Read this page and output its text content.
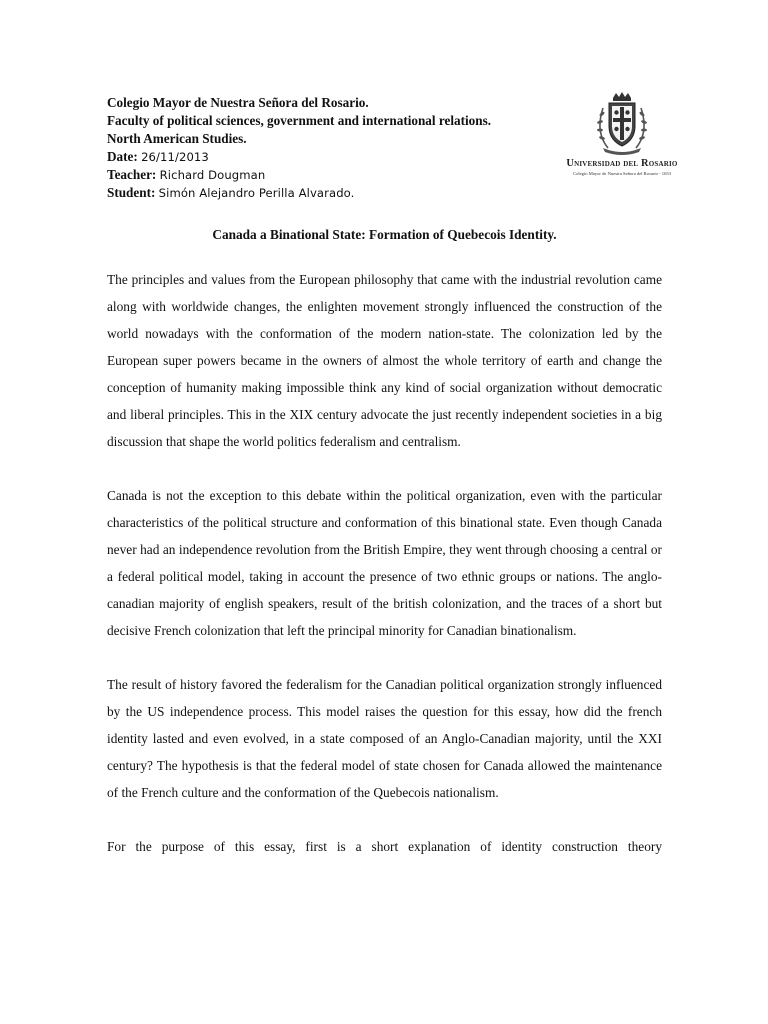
Colegio Mayor de Nuestra Señora del Rosario.
Faculty of political sciences, government and international relations.
North American Studies.
Date: 26/11/2013
Teacher: Richard Dougman
Student: Simón Alejandro Perilla Alvarado.
Universidad del Rosario
Colegio Mayor de Nuestra Señora del Rosario - 1653
Canada a Binational State: Formation of Quebecois Identity.

The principles and values from the European philosophy that came with the industrial revolution came along with worldwide changes, the enlighten movement strongly influenced the construction of the world nowadays with the conformation of the modern nation-state. The colonization led by the European super powers became in the owners of almost the whole territory of earth and change the conception of humanity making impossible think any kind of social organization without democratic and liberal principles. This in the XIX century advocate the just recently independent societies in a big discussion that shape the world politics federalism and centralism.

Canada is not the exception to this debate within the political organization, even with the particular characteristics of the political structure and conformation of this binational state. Even though Canada never had an independence revolution from the British Empire, they went through choosing a central or a federal political model, taking in account the presence of two ethnic groups or nations. The anglo-canadian majority of english speakers, result of the british colonization, and the traces of a short but decisive French colonization that left the principal minority for Canadian binationalism.

The result of history favored the federalism for the Canadian political organization strongly influenced by the US independence process. This model raises the question for this essay, how did the french identity lasted and even evolved, in a state composed of an Anglo-Canadian majority, until the XXI century? The hypothesis is that the federal model of state chosen for Canada allowed the maintenance of the French culture and the conformation of the Quebecois nationalism.

For the purpose of this essay, first is a short explanation of identity construction theory
